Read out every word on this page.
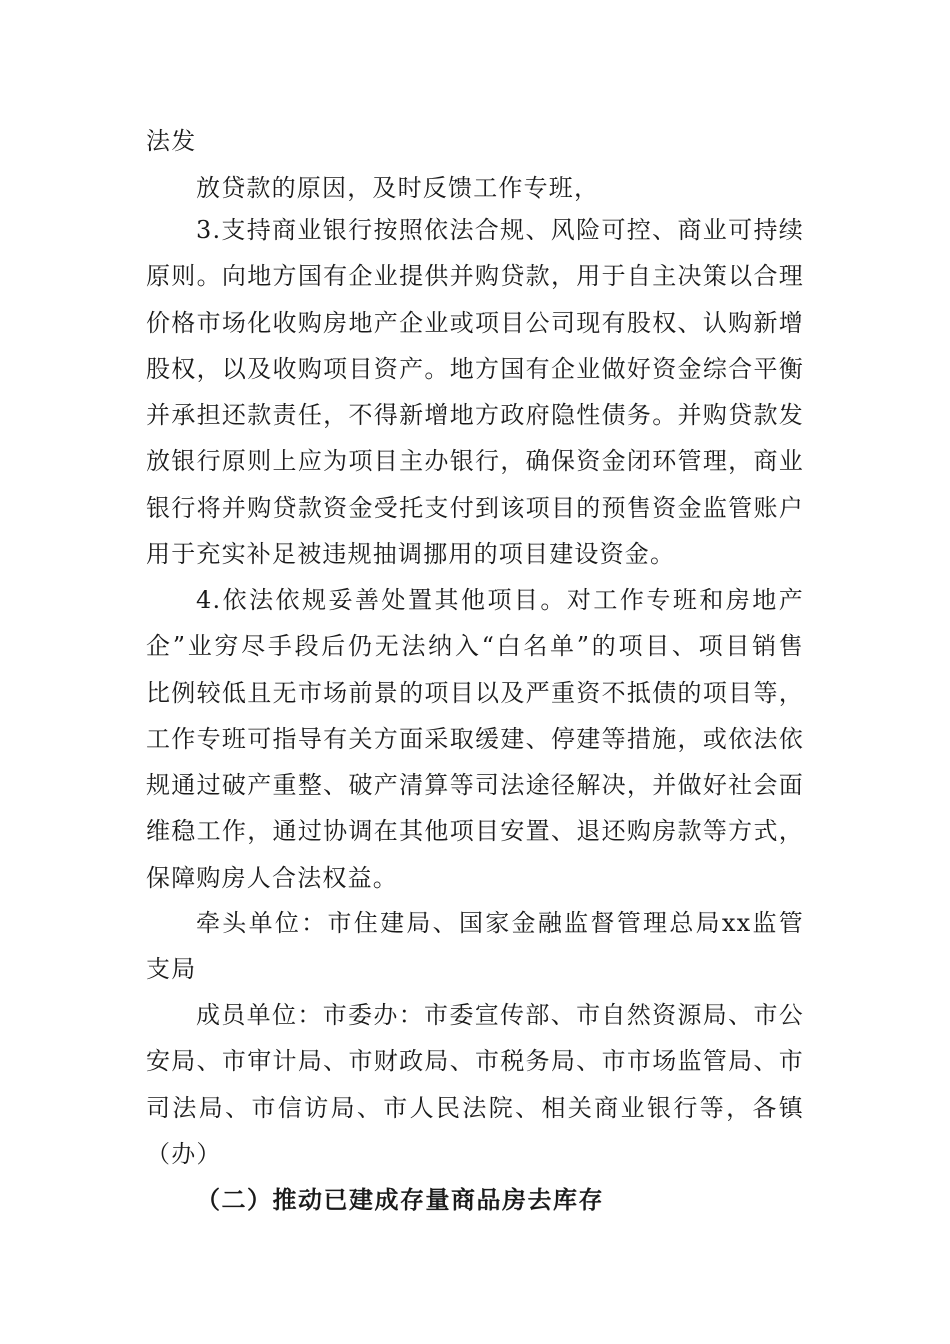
法发
放贷款的原因，及时反馈工作专班，
3.支持商业银行按照依法合规、风险可控、商业可持续
原则。向地方国有企业提供并购贷款，用于自主决策以合理
价格市场化收购房地产企业或项目公司现有股权、认购新增
股权，以及收购项目资产。地方国有企业做好资金综合平衡
并承担还款责任，不得新增地方政府隐性债务。并购贷款发
放银行原则上应为项目主办银行，确保资金闭环管理，商业
银行将并购贷款资金受托支付到该项目的预售资金监管账户
用于充实补足被违规抽调挪用的项目建设资金。
4.依法依规妥善处置其他项目。对工作专班和房地产
企”业穷尽手段后仍无法纳入“白名单”的项目、项目销售
比例较低且无市场前景的项目以及严重资不抵债的项目等，
工作专班可指导有关方面采取缓建、停建等措施，或依法依
规通过破产重整、破产清算等司法途径解决，并做好社会面
维稳工作，通过协调在其他项目安置、退还购房款等方式，
保障购房人合法权益。
牵头单位：市住建局、国家金融监督管理总局xx监管
支局
成员单位：市委办：市委宣传部、市自然资源局、市公
安局、市审计局、市财政局、市税务局、市市场监管局、市
司法局、市信访局、市人民法院、相关商业银行等，各镇
（办）
（二）推动已建成存量商品房去库存
